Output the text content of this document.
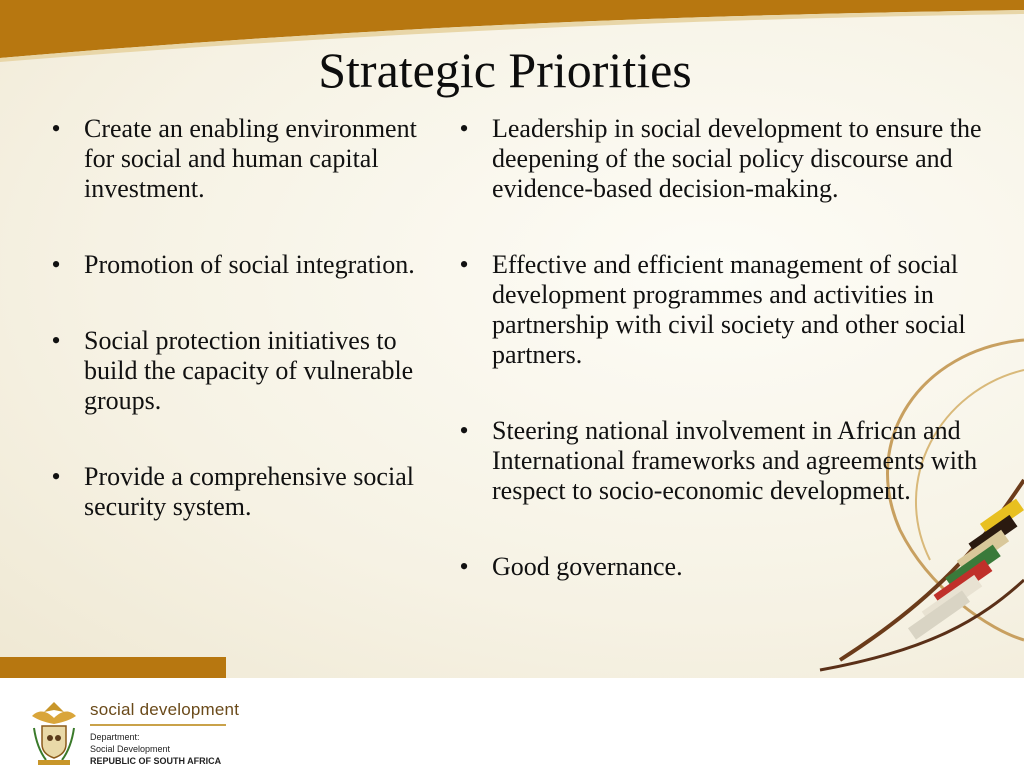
Strategic Priorities
• Create an enabling environment for social and human capital investment.
• Promotion of social integration.
• Social protection initiatives to build the capacity of vulnerable groups.
• Provide a comprehensive social security system.
• Leadership in social development to ensure the deepening of the social policy discourse and evidence-based decision-making.
• Effective and efficient management of social development programmes and activities in partnership with civil society and other social partners.
• Steering national involvement in African and International frameworks and agreements with respect to socio-economic development.
• Good governance.
social development
Department:
Social Development
REPUBLIC OF SOUTH AFRICA
